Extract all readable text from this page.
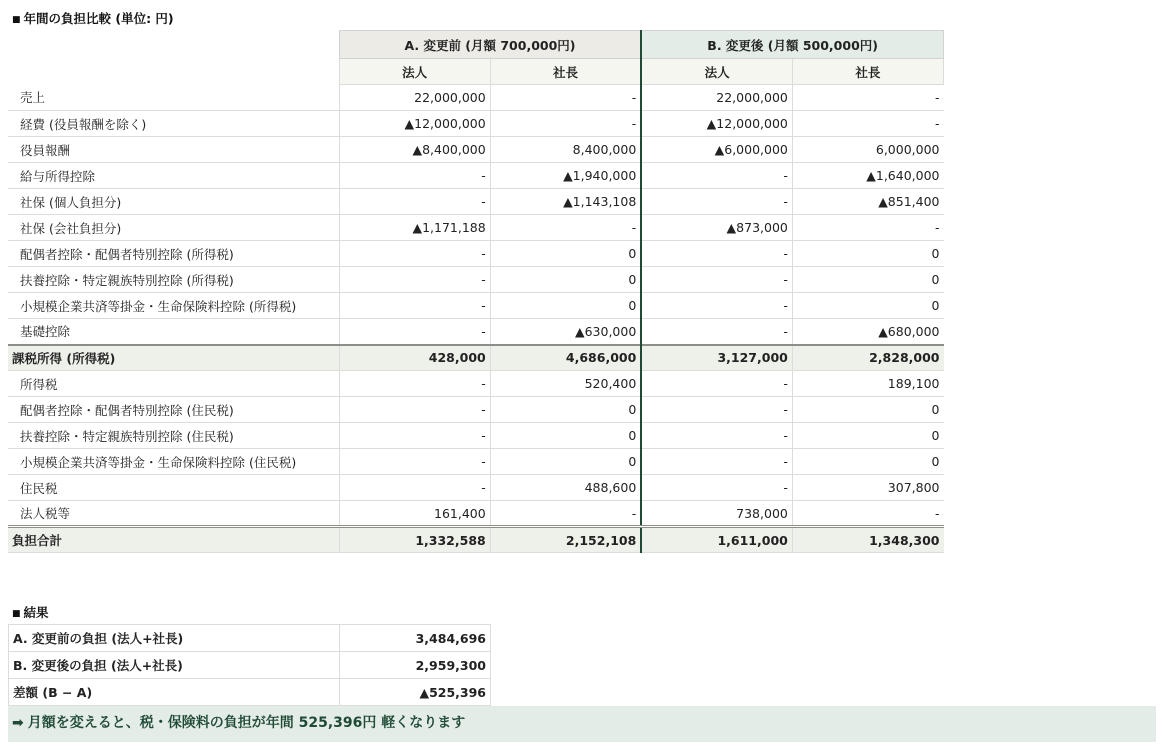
■ 年間の負担比較 (単位: 円)
	A. 変更前 (月額 700,000円)		B. 変更後 (月額 500,000円)	
	法人	社長	法人	社長
売上	22,000,000	-	22,000,000	-
経費 (役員報酬を除く)	▲12,000,000	-	▲12,000,000	-
役員報酬	▲8,400,000	8,400,000	▲6,000,000	6,000,000
給与所得控除	-	▲1,940,000	-	▲1,640,000
社保 (個人負担分)	-	▲1,143,108	-	▲851,400
社保 (会社負担分)	▲1,171,188	-	▲873,000	-
配偶者控除・配偶者特別控除 (所得税)	-	0	-	0
扶養控除・特定親族特別控除 (所得税)	-	0	-	0
小規模企業共済等掛金・生命保険料控除 (所得税)	-	0	-	0
基礎控除	-	▲630,000	-	▲680,000
課税所得 (所得税)	428,000	4,686,000	3,127,000	2,828,000
所得税	-	520,400	-	189,100
配偶者控除・配偶者特別控除 (住民税)	-	0	-	0
扶養控除・特定親族特別控除 (住民税)	-	0	-	0
小規模企業共済等掛金・生命保険料控除 (住民税)	-	0	-	0
住民税	-	488,600	-	307,800
法人税等	161,400	-	738,000	-
負担合計	1,332,588	2,152,108	1,611,000	1,348,300
■ 結果
A. 変更前の負担 (法人+社長)	3,484,696
B. 変更後の負担 (法人+社長)	2,959,300
差額 (B − A)	▲525,396
➡ 月額を変えると、税・保険料の負担が年間 525,396円 軽くなります
